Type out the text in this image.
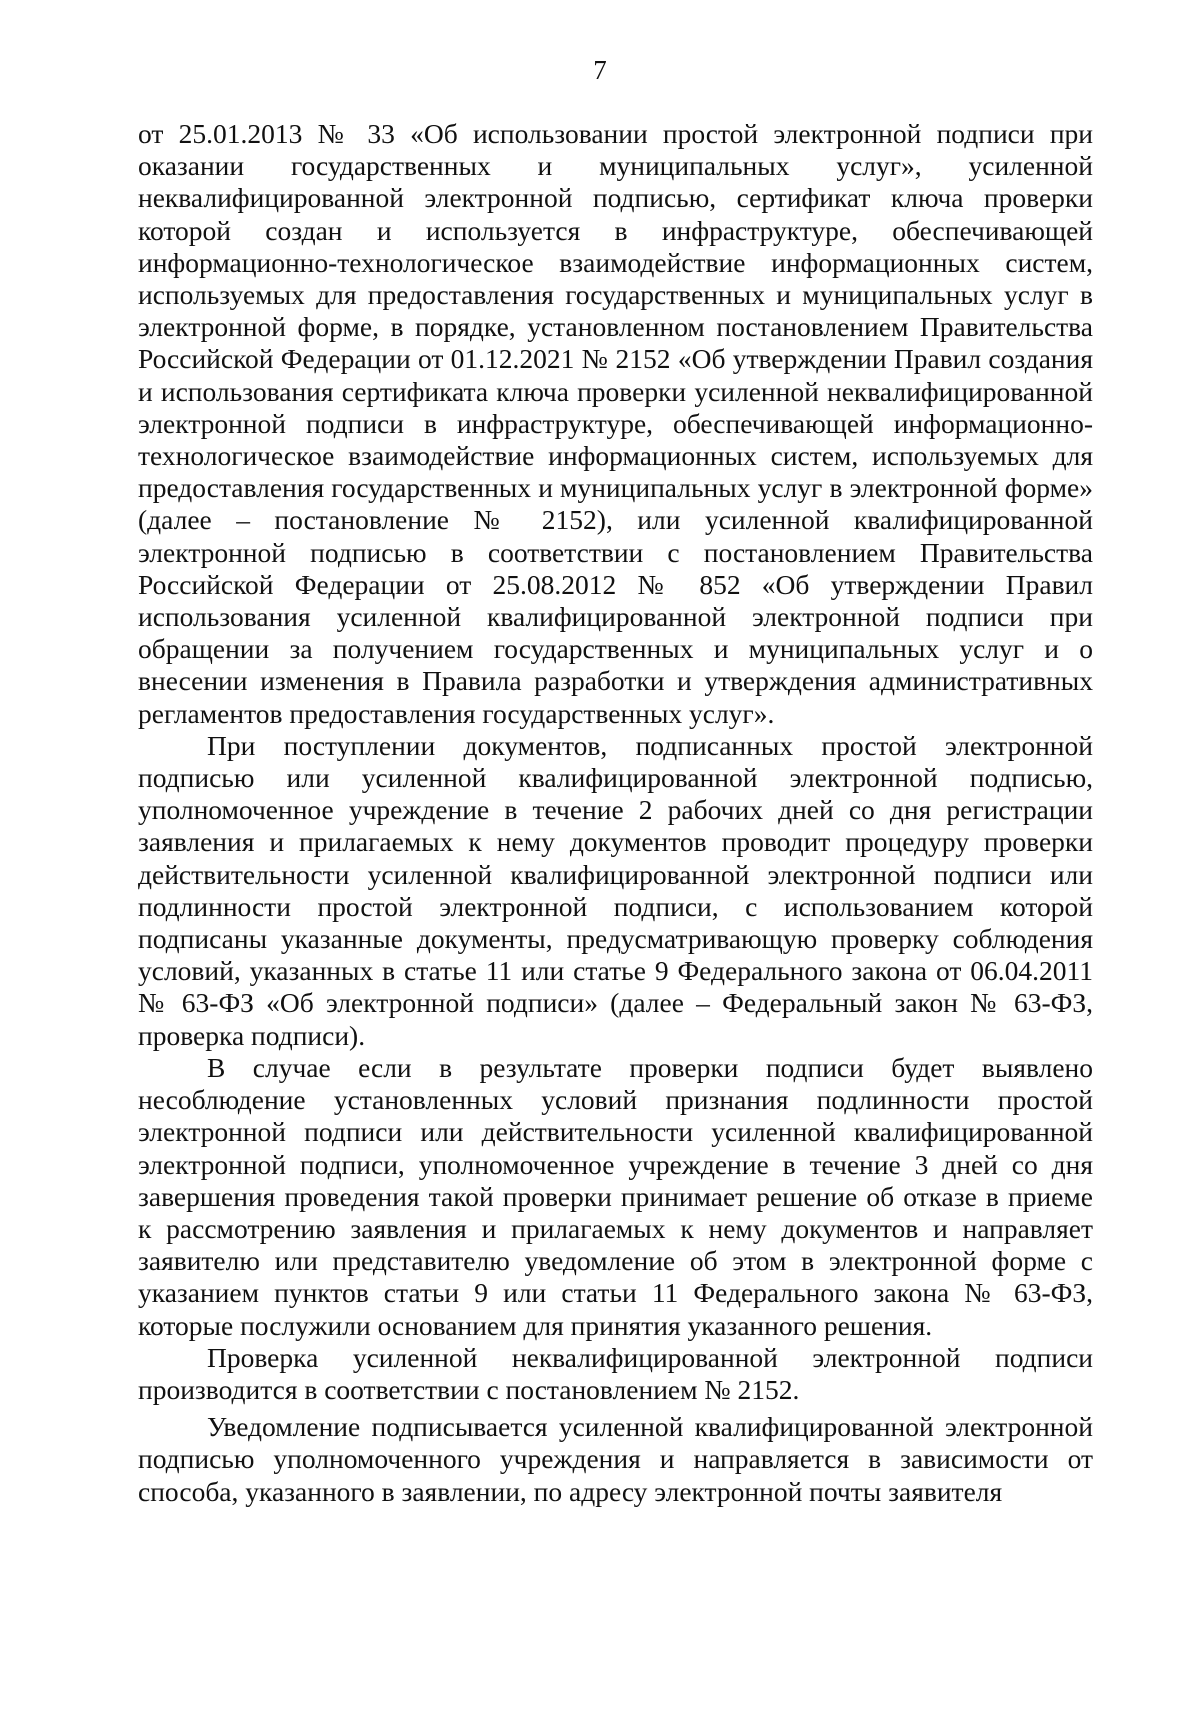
7

от 25.01.2013 № 33 «Об использовании простой электронной подписи при оказании государственных и муниципальных услуг», усиленной неквалифицированной электронной подписью, сертификат ключа проверки которой создан и используется в инфраструктуре, обеспечивающей информационно-технологическое взаимодействие информационных систем, используемых для предоставления государственных и муниципальных услуг в электронной форме, в порядке, установленном постановлением Правительства Российской Федерации от 01.12.2021 № 2152 «Об утверждении Правил создания и использования сертификата ключа проверки усиленной неквалифицированной электронной подписи в инфраструктуре, обеспечивающей информационно-технологическое взаимодействие информационных систем, используемых для предоставления государственных и муниципальных услуг в электронной форме» (далее – постановление № 2152), или усиленной квалифицированной электронной подписью в соответствии с постановлением Правительства Российской Федерации от 25.08.2012 № 852 «Об утверждении Правил использования усиленной квалифицированной электронной подписи при обращении за получением государственных и муниципальных услуг и о внесении изменения в Правила разработки и утверждения административных регламентов предоставления государственных услуг».

При поступлении документов, подписанных простой электронной подписью или усиленной квалифицированной электронной подписью, уполномоченное учреждение в течение 2 рабочих дней со дня регистрации заявления и прилагаемых к нему документов проводит процедуру проверки действительности усиленной квалифицированной электронной подписи или подлинности простой электронной подписи, с использованием которой подписаны указанные документы, предусматривающую проверку соблюдения условий, указанных в статье 11 или статье 9 Федерального закона от 06.04.2011 № 63-ФЗ «Об электронной подписи» (далее – Федеральный закон № 63-ФЗ, проверка подписи).

В случае если в результате проверки подписи будет выявлено несоблюдение установленных условий признания подлинности простой электронной подписи или действительности усиленной квалифицированной электронной подписи, уполномоченное учреждение в течение 3 дней со дня завершения проведения такой проверки принимает решение об отказе в приеме к рассмотрению заявления и прилагаемых к нему документов и направляет заявителю или представителю уведомление об этом в электронной форме с указанием пунктов статьи 9 или статьи 11 Федерального закона № 63-ФЗ, которые послужили основанием для принятия указанного решения.

Проверка усиленной неквалифицированной электронной подписи производится в соответствии с постановлением № 2152.

Уведомление подписывается усиленной квалифицированной электронной подписью уполномоченного учреждения и направляется в зависимости от способа, указанного в заявлении, по адресу электронной почты заявителя
